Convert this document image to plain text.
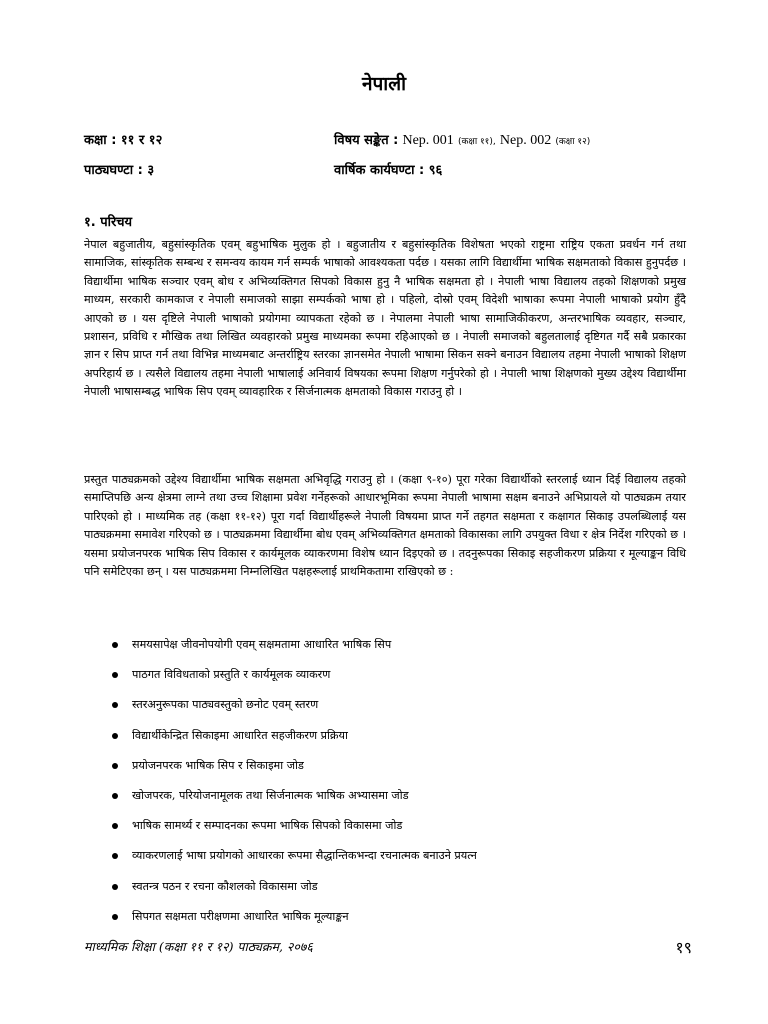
नेपाली
कक्षा : ११ र १२	विषय सङ्केत : Nep. 001 (कक्षा ११), Nep. 002 (कक्षा १२)
पाठ्यघण्टा : ३	वार्षिक कार्यघण्टा : ९६
१. परिचय

नेपाल बहुजातीय, बहुसांस्कृतिक एवम् बहुभाषिक मुलुक हो । बहुजातीय र बहुसांस्कृतिक विशेषता भएको राष्ट्रमा राष्ट्रिय एकता प्रवर्धन गर्न तथा सामाजिक, सांस्कृतिक सम्बन्ध र समन्वय कायम गर्न सम्पर्क भाषाको आवश्यकता पर्दछ । यसका लागि विद्यार्थीमा भाषिक सक्षमताको विकास हुनुपर्दछ । विद्यार्थीमा भाषिक सञ्चार एवम् बोध र अभिव्यक्तिगत सिपको विकास हुनु नै भाषिक सक्षमता हो । नेपाली भाषा विद्यालय तहको शिक्षणको प्रमुख माध्यम, सरकारी कामकाज र नेपाली समाजको साझा सम्पर्कको भाषा हो । पहिलो, दोस्रो एवम् विदेशी भाषाका रूपमा नेपाली भाषाको प्रयोग हुँदै आएको छ । यस दृष्टिले नेपाली भाषाको प्रयोगमा व्यापकता रहेको छ । नेपालमा नेपाली भाषा सामाजिकीकरण, अन्तरभाषिक व्यवहार, सञ्चार, प्रशासन, प्रविधि र मौखिक तथा लिखित व्यवहारको प्रमुख माध्यमका रूपमा रहिआएको छ । नेपाली समाजको बहुलतालाई दृष्टिगत गर्दै सबै प्रकारका ज्ञान र सिप प्राप्त गर्न तथा विभिन्न माध्यमबाट अन्तर्राष्ट्रिय स्तरका ज्ञानसमेत नेपाली भाषामा सिकन सक्ने बनाउन विद्यालय तहमा नेपाली भाषाको शिक्षण अपरिहार्य छ । त्यसैले विद्यालय तहमा नेपाली भाषालाई अनिवार्य विषयका रूपमा शिक्षण गर्नुपरेको हो । नेपाली भाषा शिक्षणको मुख्य उद्देश्य विद्यार्थीमा नेपाली भाषासम्बद्ध भाषिक सिप एवम् व्यावहारिक र सिर्जनात्मक क्षमताको विकास गराउनु हो ।

प्रस्तुत पाठ्यक्रमको उद्देश्य विद्यार्थीमा भाषिक सक्षमता अभिवृद्धि गराउनु हो । (कक्षा ९-१०) पूरा गरेका विद्यार्थीको स्तरलाई ध्यान दिई विद्यालय तहको समाप्तिपछि अन्य क्षेत्रमा लाग्ने तथा उच्च शिक्षामा प्रवेश गर्नेहरूको आधारभूमिका रूपमा नेपाली भाषामा सक्षम बनाउने अभिप्रायले यो पाठ्यक्रम तयार पारिएको हो । माध्यमिक तह (कक्षा ११-१२) पूरा गर्दा विद्यार्थीहरूले नेपाली विषयमा प्राप्त गर्ने तहगत सक्षमता र कक्षागत सिकाइ उपलब्धिलाई यस पाठ्यक्रममा समावेश गरिएको छ । पाठ्यक्रममा विद्यार्थीमा बोध एवम् अभिव्यक्तिगत क्षमताको विकासका लागि उपयुक्त विधा र क्षेत्र निर्देश गरिएको छ । यसमा प्रयोजनपरक भाषिक सिप विकास र कार्यमूलक व्याकरणमा विशेष ध्यान दिइएको छ । तदनुरूपका सिकाइ सहजीकरण प्रक्रिया र मूल्याङ्कन विधि पनि समेटिएका छन् । यस पाठ्यक्रममा निम्नलिखित पक्षहरूलाई प्राथमिकतामा राखिएको छ :

समयसापेक्ष जीवनोपयोगी एवम् सक्षमतामा आधारित भाषिक सिप
पाठगत विविधताको प्रस्तुति र कार्यमूलक व्याकरण
स्तरअनुरूपका पाठ्यवस्तुको छनोट एवम् स्तरण
विद्यार्थीकेन्द्रित सिकाइमा आधारित सहजीकरण प्रक्रिया
प्रयोजनपरक भाषिक सिप र सिकाइमा जोड
खोजपरक, परियोजनामूलक तथा सिर्जनात्मक भाषिक अभ्यासमा जोड
भाषिक सामर्थ्य र सम्पादनका रूपमा भाषिक सिपको विकासमा जोड
व्याकरणलाई भाषा प्रयोगको आधारका रूपमा सैद्धान्तिकभन्दा रचनात्मक बनाउने प्रयत्न
स्वतन्त्र पठन र रचना कौशलको विकासमा जोड
सिपगत सक्षमता परीक्षणमा आधारित भाषिक मूल्याङ्कन
माध्यमिक शिक्षा (कक्षा ११ र १२) पाठ्यक्रम, २०७६	१९
